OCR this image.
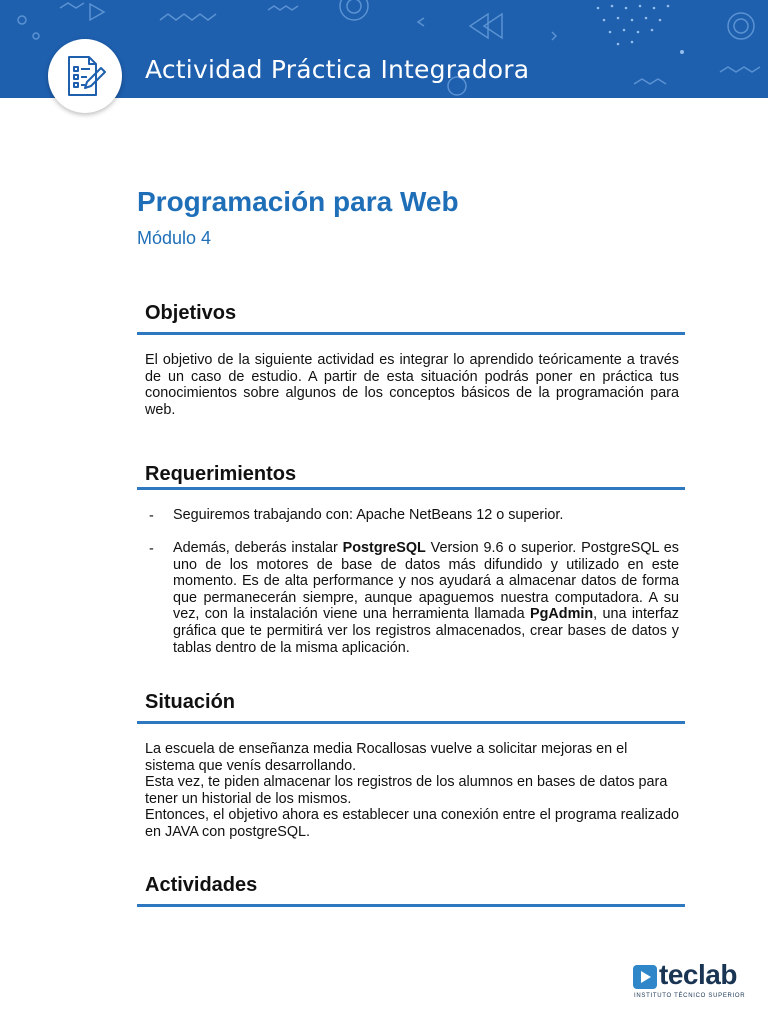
Actividad Práctica Integradora
Programación para Web
Módulo 4
Objetivos

El objetivo de la siguiente actividad es integrar lo aprendido teóricamente a través de un caso de estudio. A partir de esta situación podrás poner en práctica tus conocimientos sobre algunos de los conceptos básicos de la programación para web.

Requerimientos
- Seguiremos trabajando con: Apache NetBeans 12 o superior.

- Además, deberás instalar PostgreSQL Version 9.6 o superior. PostgreSQL es uno de los motores de base de datos más difundido y utilizado en este momento. Es de alta performance y nos ayudará a almacenar datos de forma que permanecerán siempre, aunque apaguemos nuestra computadora. A su vez, con la instalación viene una herramienta llamada PgAdmin, una interfaz gráfica que te permitirá ver los registros almacenados, crear bases de datos y tablas dentro de la misma aplicación.

Situación
La escuela de enseñanza media Rocallosas vuelve a solicitar mejoras en el sistema que venís desarrollando.
Esta vez, te piden almacenar los registros de los alumnos en bases de datos para tener un historial de los mismos.
Entonces, el objetivo ahora es establecer una conexión entre el programa realizado en JAVA con postgreSQL.
Actividades
teclab
INSTITUTO TÉCNICO SUPERIOR
